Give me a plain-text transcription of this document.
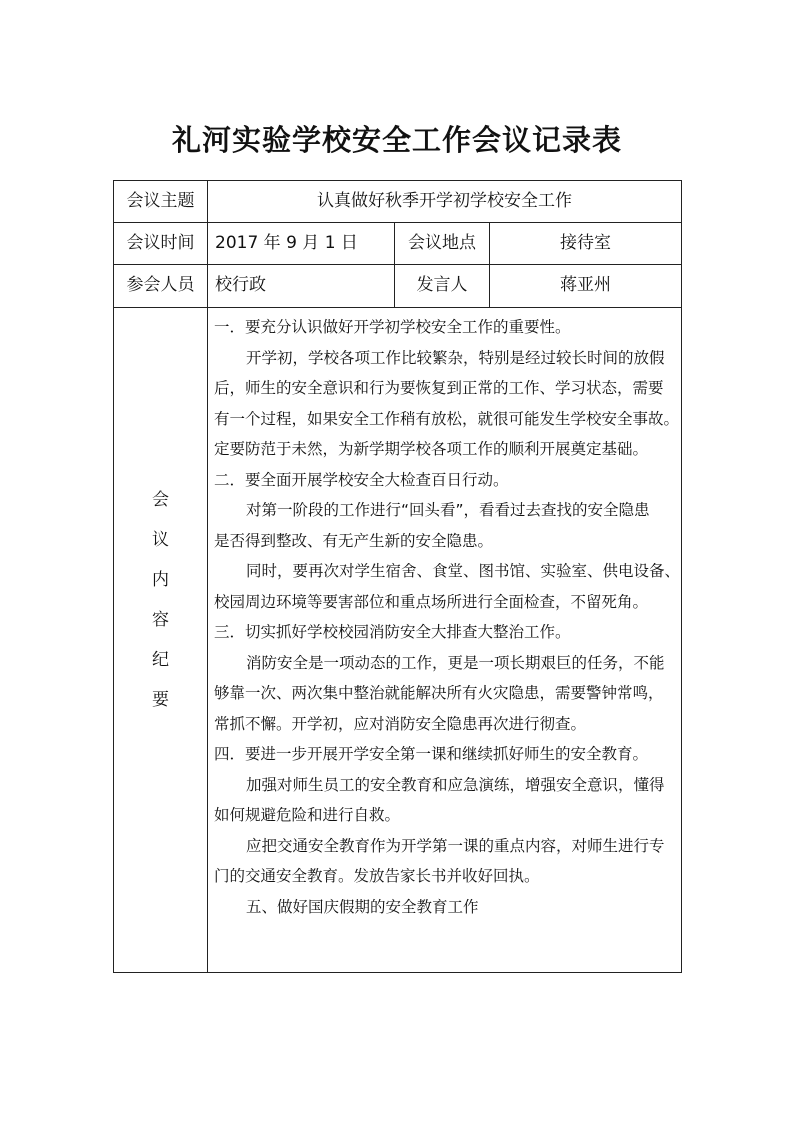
礼河实验学校安全工作会议记录表
会议主题	认真做好秋季开学初学校安全工作
会议时间	2017 年 9 月 1 日	会议地点	接待室
参会人员	校行政	发言人	蒋亚州
会
议
内
容
纪
要

一．要充分认识做好开学初学校安全工作的重要性。

开学初，学校各项工作比较繁杂，特别是经过较长时间的放假

后，师生的安全意识和行为要恢复到正常的工作、学习状态，需要

有一个过程，如果安全工作稍有放松，就很可能发生学校安全事故。

定要防范于未然，为新学期学校各项工作的顺利开展奠定基础。

二．要全面开展学校安全大检查百日行动。

对第一阶段的工作进行“回头看”，看看过去查找的安全隐患

是否得到整改、有无产生新的安全隐患。

同时，要再次对学生宿舍、食堂、图书馆、实验室、供电设备、

校园周边环境等要害部位和重点场所进行全面检查，不留死角。

三．切实抓好学校校园消防安全大排查大整治工作。

消防安全是一项动态的工作，更是一项长期艰巨的任务，不能

够靠一次、两次集中整治就能解决所有火灾隐患，需要警钟常鸣，

常抓不懈。开学初，应对消防安全隐患再次进行彻查。

四．要进一步开展开学安全第一课和继续抓好师生的安全教育。

加强对师生员工的安全教育和应急演练，增强安全意识，懂得

如何规避危险和进行自救。

应把交通安全教育作为开学第一课的重点内容，对师生进行专

门的交通安全教育。发放告家长书并收好回执。

五、做好国庆假期的安全教育工作
